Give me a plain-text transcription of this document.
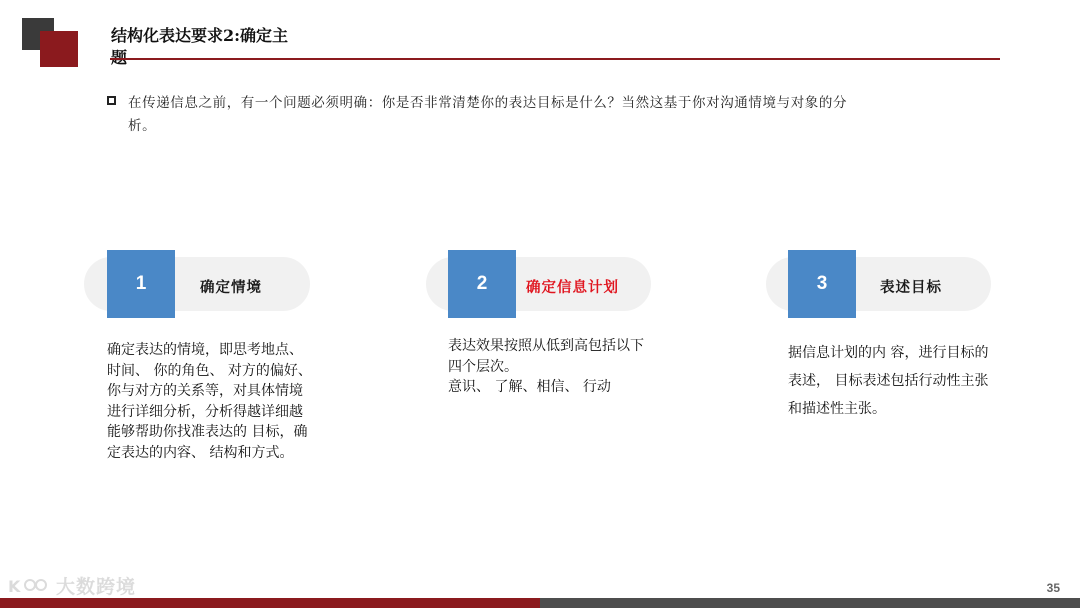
结构化表达要求2:确定主
在传递信息之前，有一个问题必须明确：你是否非常清楚你的表达目标是什么？当然这基于你对沟通情境与对象的分
析。
1	确定情境
确定表达的情境，即思考地点、
时间、 你的角色、 对方的偏好、
你与对方的关系等，对具体情境
进行详细分析，分析得越详细越
能够帮助你找准表达的 目标，确
定表达的内容、 结构和方式。
2	确定信息计划
表达效果按照从低到高包括以下
四个层次。
意识、 了解、相信、 行动
3	表述目标
据信息计划的内 容，进行目标的
表述， 目标表述包括行动性主张
和描述性主张。
K 大数跨境	35
